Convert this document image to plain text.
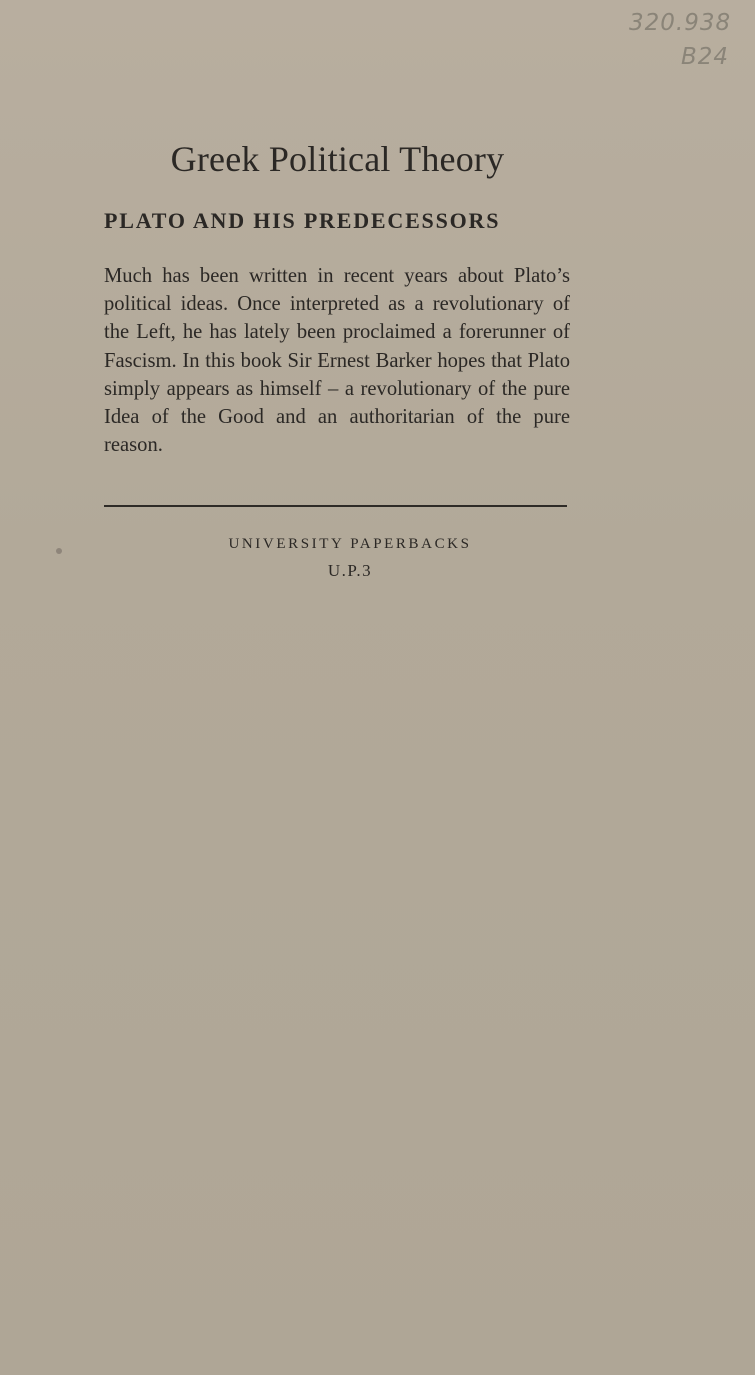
320.938
B24
Greek Political Theory
PLATO AND HIS PREDECESSORS

Much has been written in recent years about Plato’s political ideas. Once interpreted as a revolutionary of the Left, he has lately been proclaimed a forerunner of Fascism. In this book Sir Ernest Barker hopes that Plato simply appears as himself – a revolutionary of the pure Idea of the Good and an authoritarian of the pure reason.

UNIVERSITY PAPERBACKS
U.P.3
